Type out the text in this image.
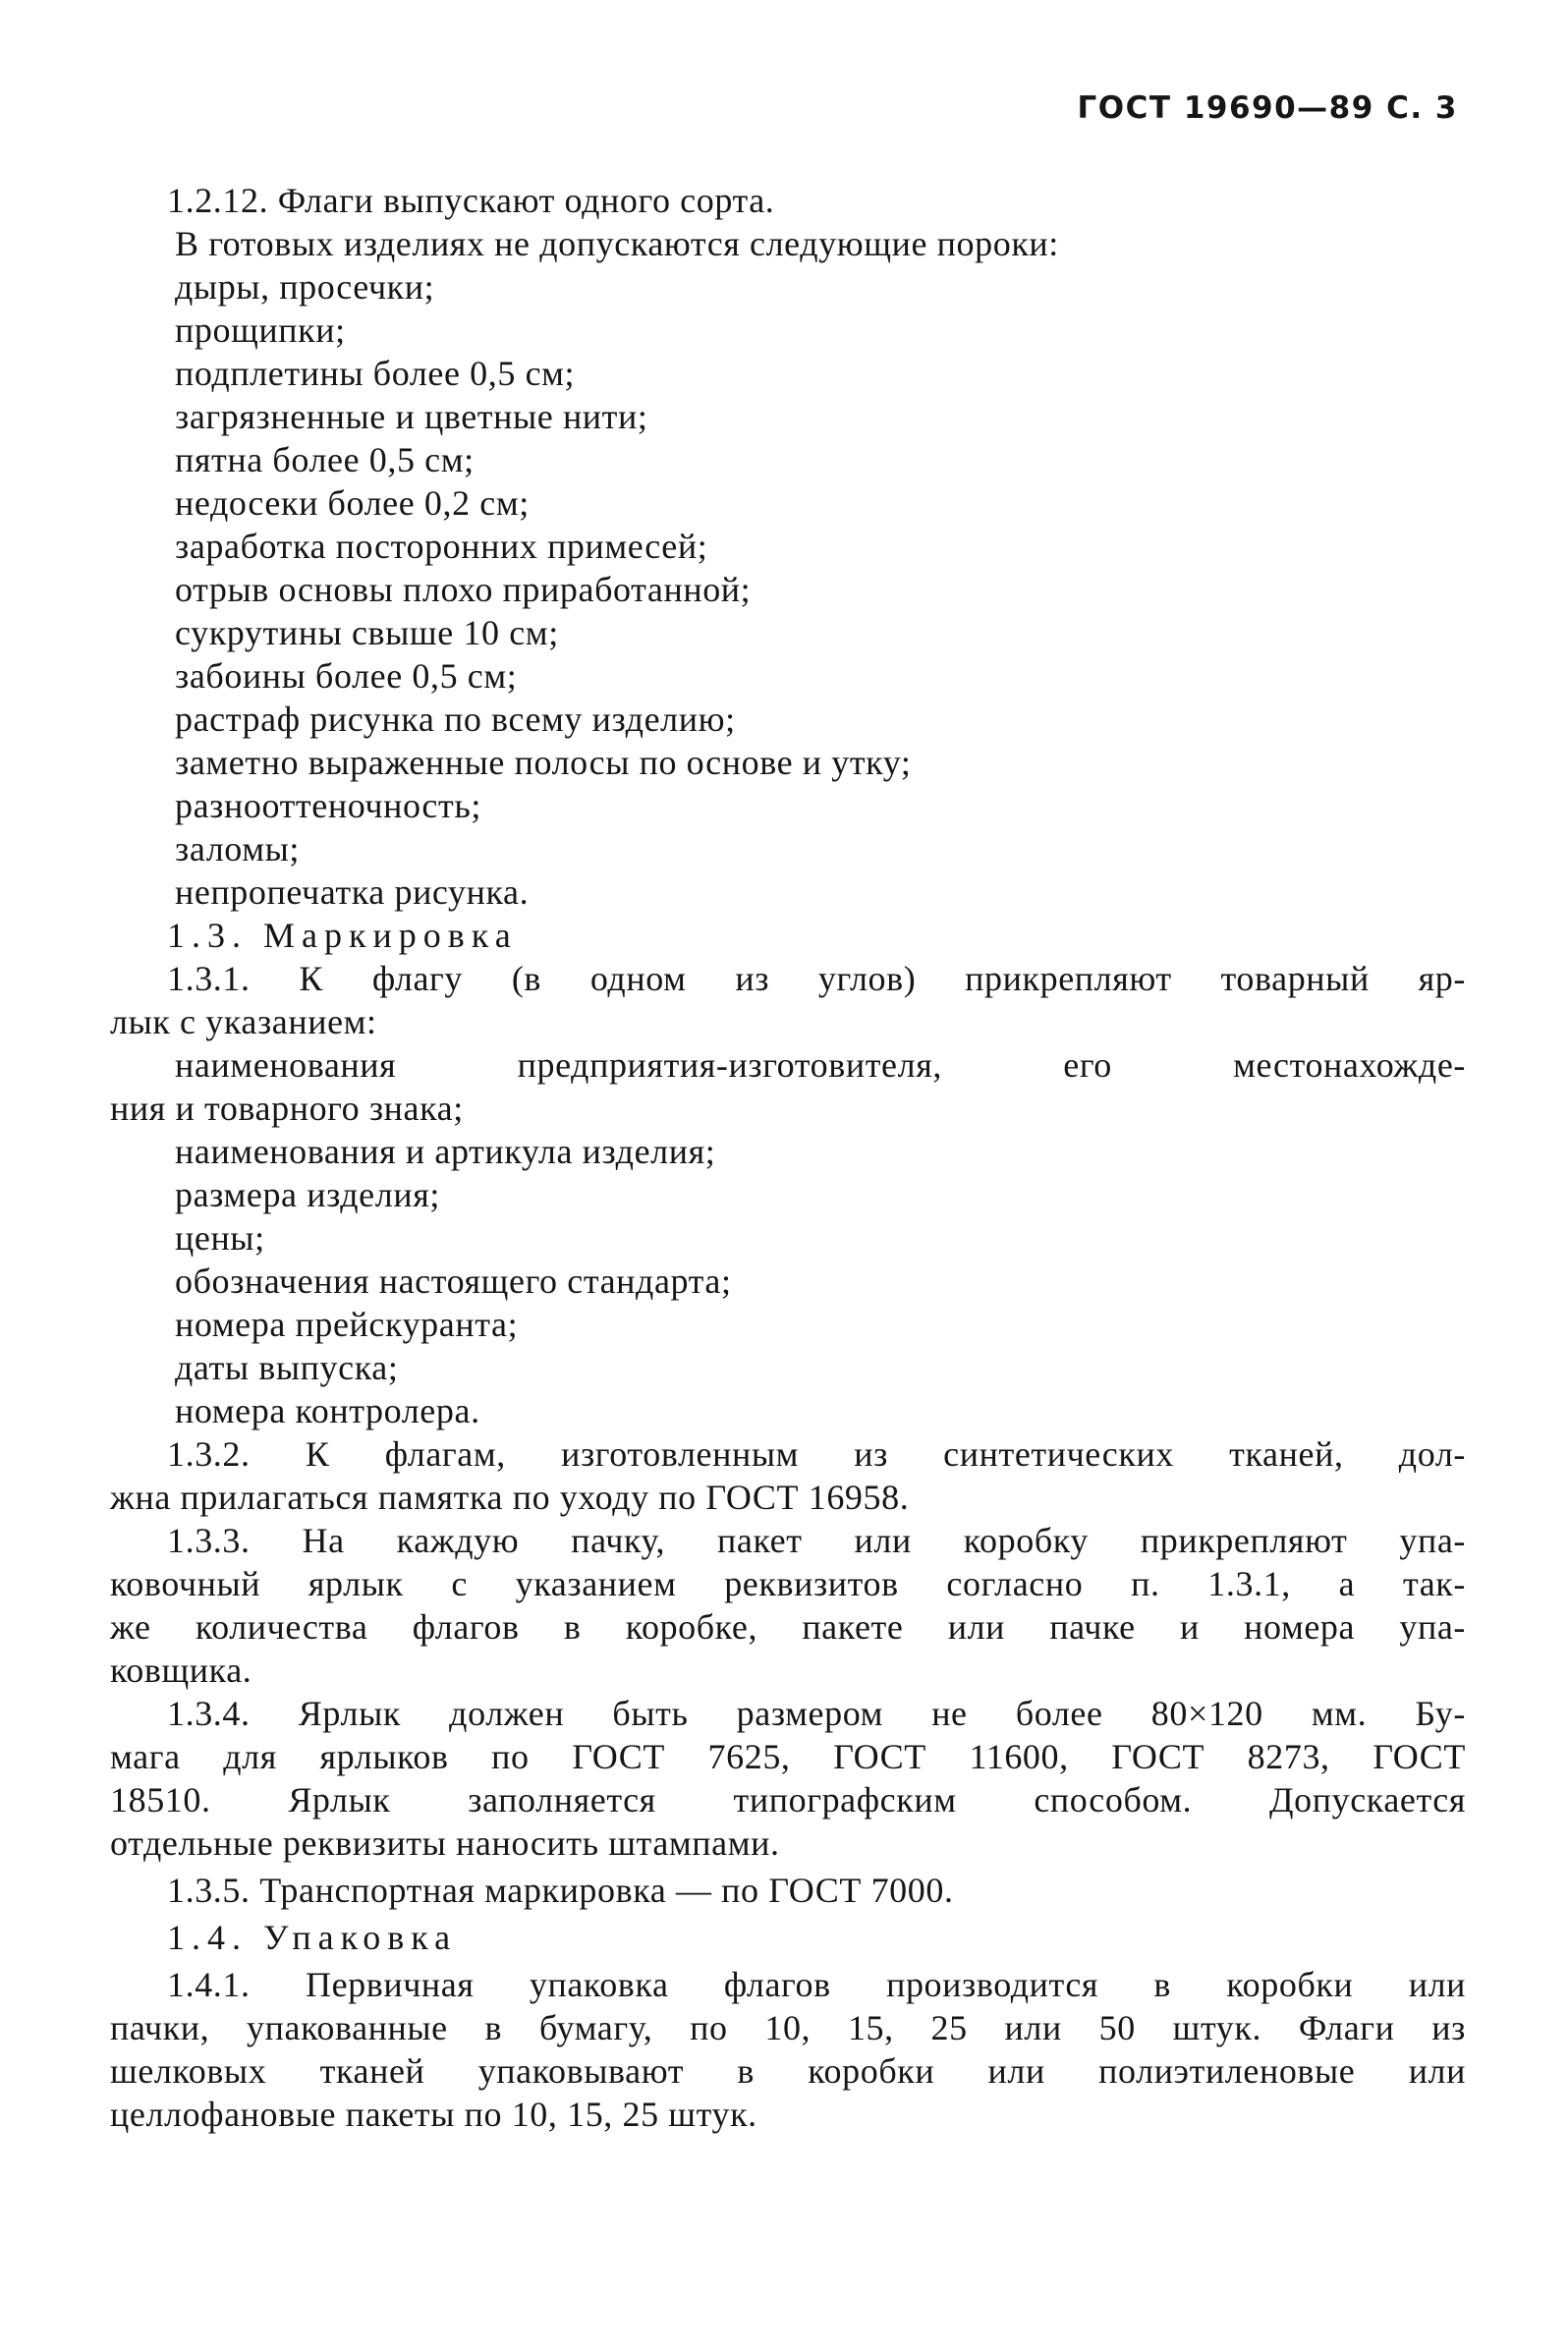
ГОСТ 19690—89 С. 3
1.2.12. Флаги выпускают одного сорта.
В готовых изделиях не допускаются следующие пороки:
дыры, просечки;
прощипки;
подплетины более 0,5 см;
загрязненные и цветные нити;
пятна более 0,5 см;
недосеки более 0,2 см;
заработка посторонних примесей;
отрыв основы плохо приработанной;
сукрутины свыше 10 см;
забоины более 0,5 см;
растраф рисунка по всему изделию;
заметно выраженные полосы по основе и утку;
разнооттеночность;
заломы;
непропечатка рисунка.
1.3. Маркировка
1.3.1. К флагу (в одном из углов) прикрепляют товарный яр-
лык с указанием:
наименования предприятия-изготовителя, его местонахожде-
ния и товарного знака;
наименования и артикула изделия;
размера изделия;
цены;
обозначения настоящего стандарта;
номера прейскуранта;
даты выпуска;
номера контролера.
1.3.2. К флагам, изготовленным из синтетических тканей, дол-
жна прилагаться памятка по уходу по ГОСТ 16958.
1.3.3. На каждую пачку, пакет или коробку прикрепляют упа-
ковочный ярлык с указанием реквизитов согласно п. 1.3.1, а так-
же количества флагов в коробке, пакете или пачке и номера упа-
ковщика.
1.3.4. Ярлык должен быть размером не более 80×120 мм. Бу-
мага для ярлыков по ГОСТ 7625, ГОСТ 11600, ГОСТ 8273, ГОСТ
18510. Ярлык заполняется типографским способом. Допускается
отдельные реквизиты наносить штампами.
1.3.5. Транспортная маркировка — по ГОСТ 7000.
1.4. Упаковка
1.4.1. Первичная упаковка флагов производится в коробки или
пачки, упакованные в бумагу, по 10, 15, 25 или 50 штук. Флаги из
шелковых тканей упаковывают в коробки или полиэтиленовые или
целлофановые пакеты по 10, 15, 25 штук.
